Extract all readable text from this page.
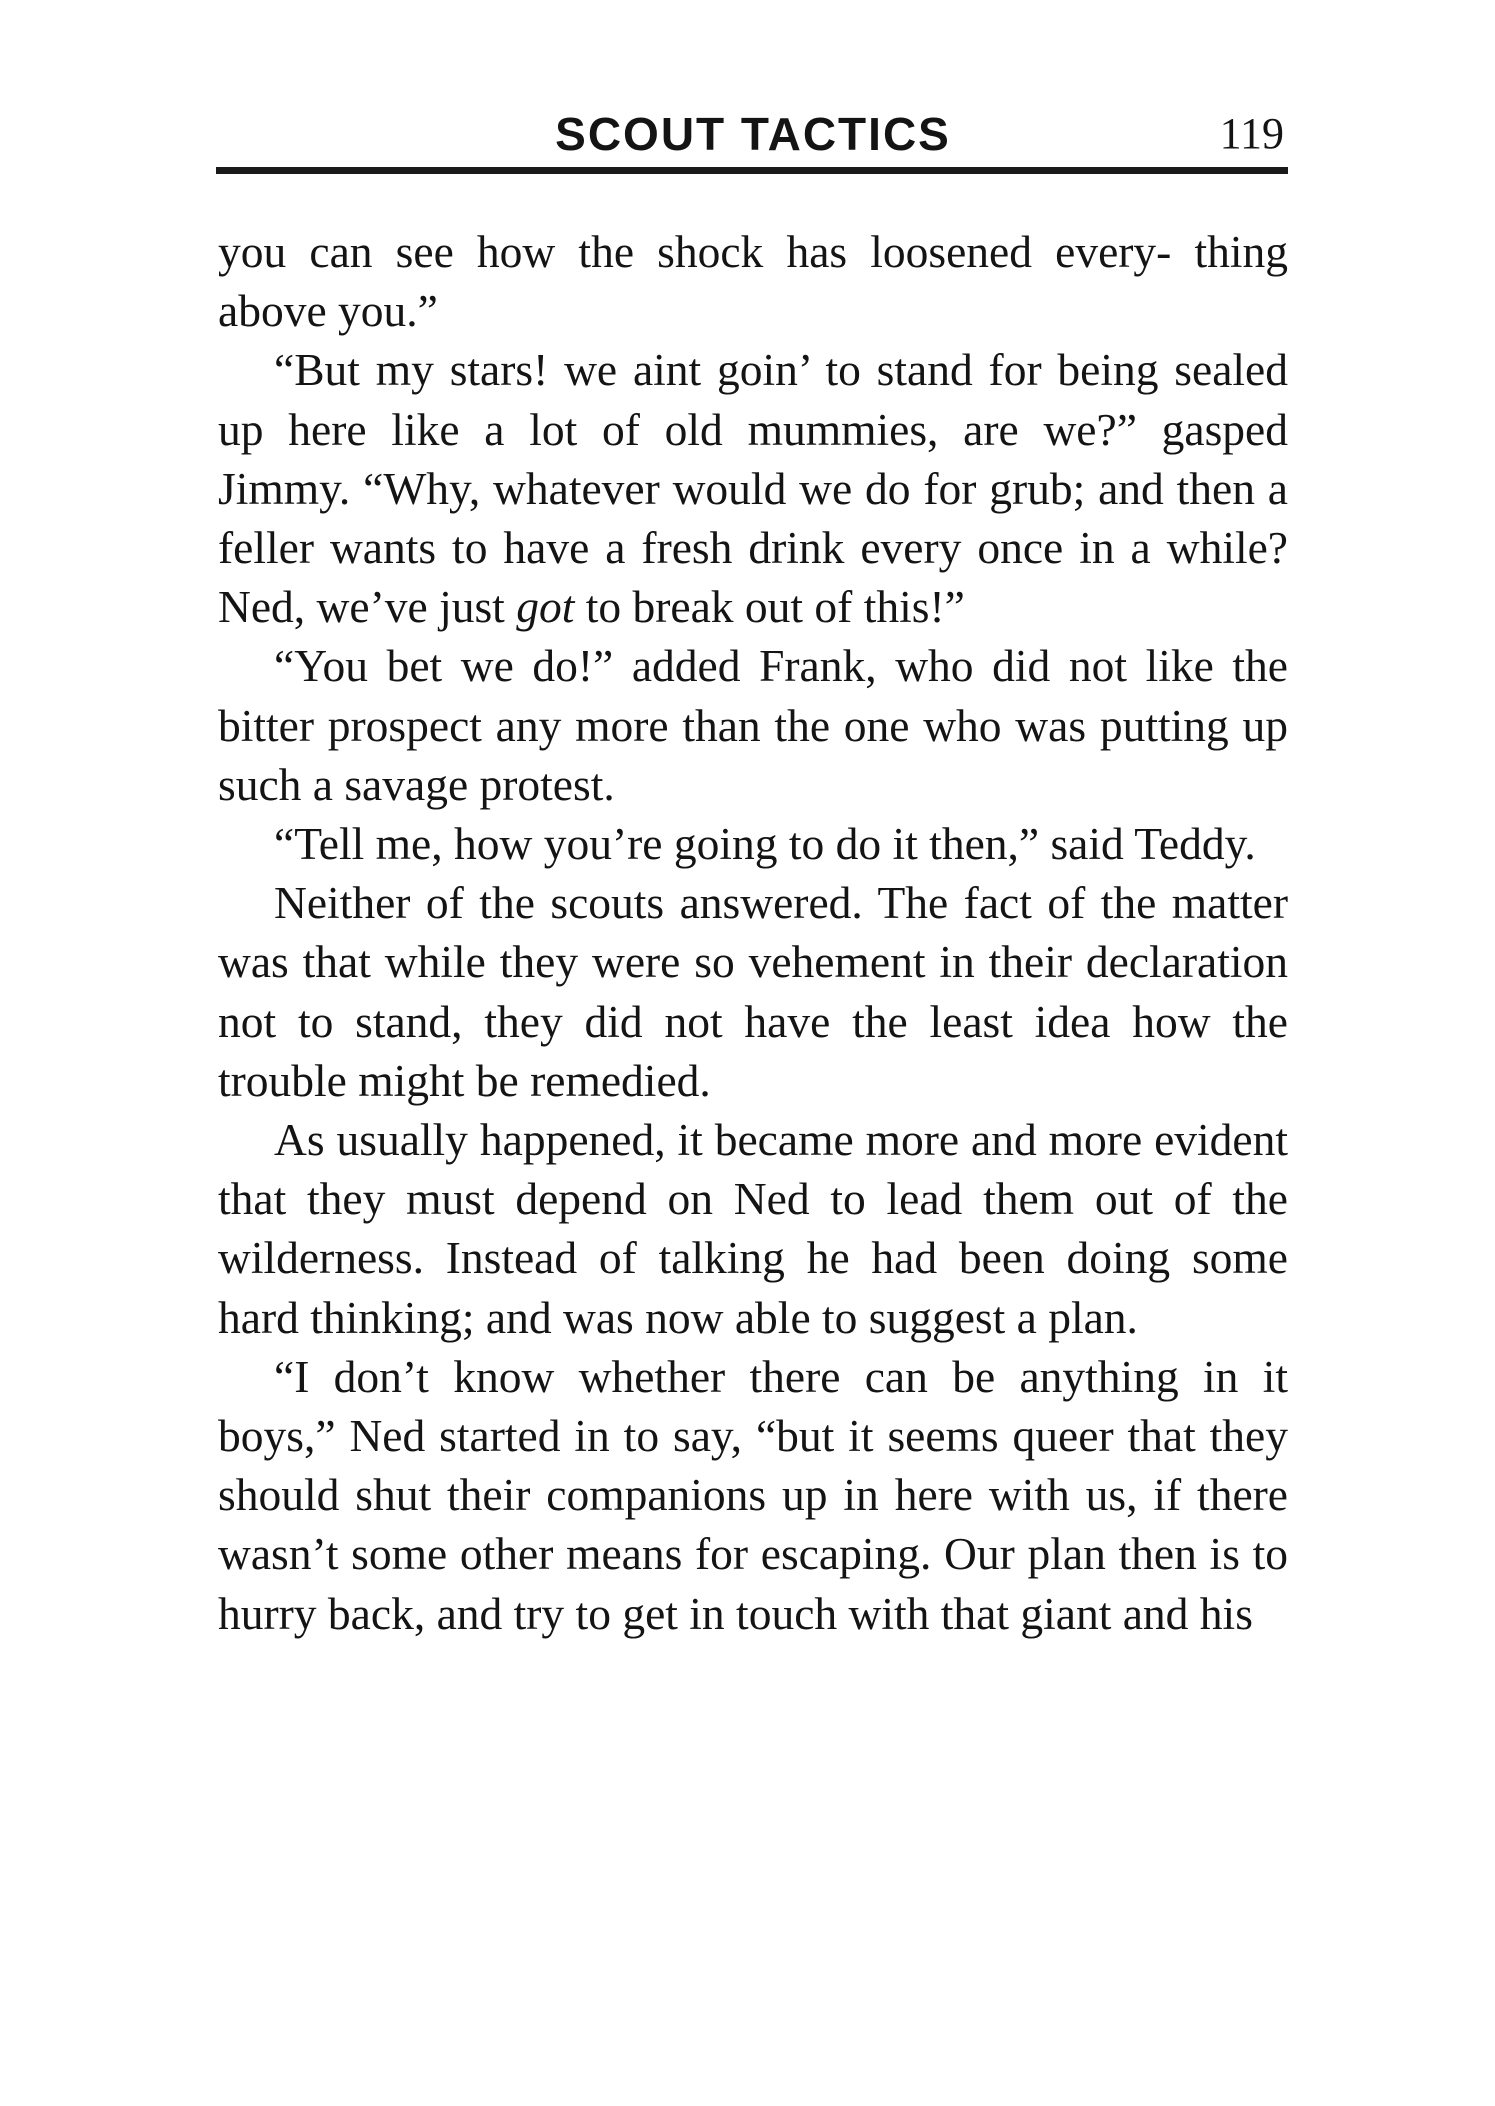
SCOUT TACTICS	119

you can see how the shock has loosened every- thing above you.”

“But my stars! we aint goin’ to stand for being sealed up here like a lot of old mummies, are we?” gasped Jimmy. “Why, whatever would we do for grub; and then a feller wants to have a fresh drink every once in a while? Ned, we’ve just got to break out of this!”

“You bet we do!” added Frank, who did not like the bitter prospect any more than the one who was putting up such a savage protest.

“Tell me, how you’re going to do it then,” said Teddy.

Neither of the scouts answered. The fact of the matter was that while they were so vehement in their declaration not to stand, they did not have the least idea how the trouble might be remedied.

As usually happened, it became more and more evident that they must depend on Ned to lead them out of the wilderness. Instead of talking he had been doing some hard thinking; and was now able to suggest a plan.

“I don’t know whether there can be anything in it boys,” Ned started in to say, “but it seems queer that they should shut their companions up in here with us, if there wasn’t some other means for escaping. Our plan then is to hurry back, and try to get in touch with that giant and his
